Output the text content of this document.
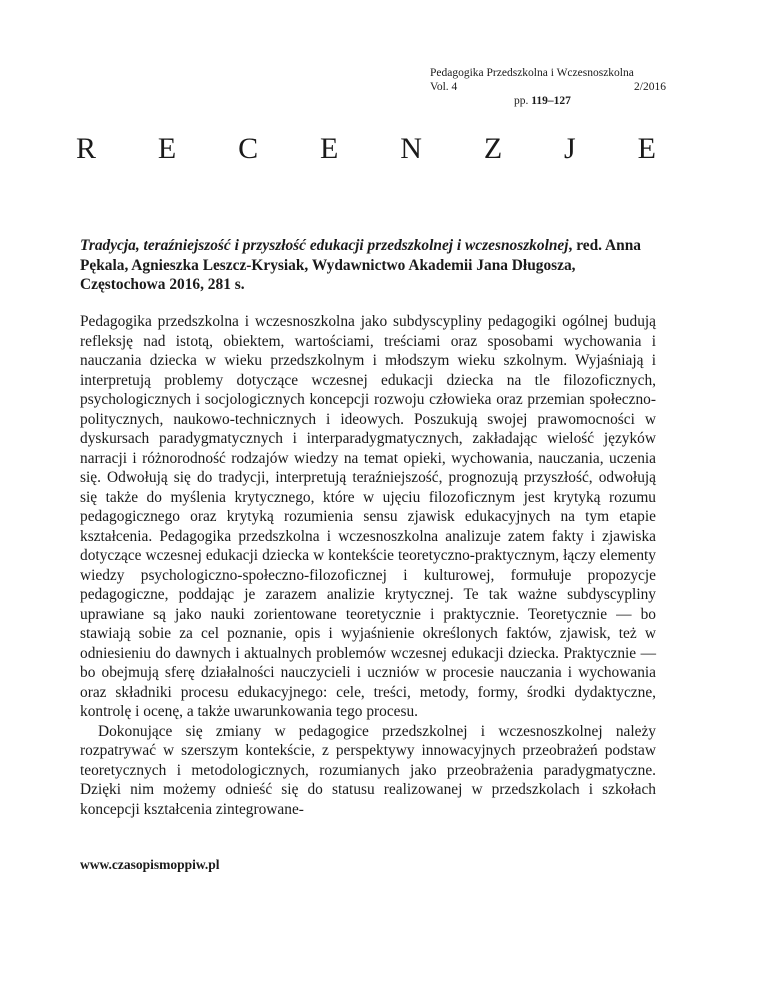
Pedagogika Przedszkolna i Wczesnoszkolna
Vol. 4	2/2016
pp. 119–127
R E C E N Z J E
Tradycja, teraźniejszość i przyszłość edukacji przedszkolnej i wczesnoszkolnej, red. Anna Pękala, Agnieszka Leszcz-Krysiak, Wydawnictwo Akademii Jana Długosza, Częstochowa 2016, 281 s.

Pedagogika przedszkolna i wczesnoszkolna jako subdyscypliny pedagogiki ogólnej budują refleksję nad istotą, obiektem, wartościami, treściami oraz sposobami wychowania i nauczania dziecka w wieku przedszkolnym i młodszym wieku szkolnym. Wyjaśniają i interpretują problemy dotyczące wczesnej edukacji dziecka na tle filozoficznych, psychologicznych i socjologicznych koncepcji rozwoju człowieka oraz przemian społeczno-politycznych, naukowo-technicznych i ideowych. Poszukują swojej prawomocności w dyskursach paradygmatycznych i interparadygmatycznych, zakładając wielość języków narracji i różnorodność rodzajów wiedzy na temat opieki, wychowania, nauczania, uczenia się. Odwołują się do tradycji, interpretują teraźniejszość, prognozują przyszłość, odwołują się także do myślenia krytycznego, które w ujęciu filozoficznym jest krytyką rozumu pedagogicznego oraz krytyką rozumienia sensu zjawisk edukacyjnych na tym etapie kształcenia. Pedagogika przedszkolna i wczesnoszkolna analizuje zatem fakty i zjawiska dotyczące wczesnej edukacji dziecka w kontekście teoretyczno-praktycznym, łączy elementy wiedzy psychologiczno-społeczno-filozoficznej i kulturowej, formułuje propozycje pedagogiczne, poddając je zarazem analizie krytycznej. Te tak ważne subdyscypliny uprawiane są jako nauki zorientowane teoretycznie i praktycznie. Teoretycznie — bo stawiają sobie za cel poznanie, opis i wyjaśnienie określonych faktów, zjawisk, też w odniesieniu do dawnych i aktualnych problemów wczesnej edukacji dziecka. Praktycznie — bo obejmują sferę działalności nauczycieli i uczniów w procesie nauczania i wychowania oraz składniki procesu edukacyjnego: cele, treści, metody, formy, środki dydaktyczne, kontrolę i ocenę, a także uwarunkowania tego procesu.

Dokonujące się zmiany w pedagogice przedszkolnej i wczesnoszkolnej należy rozpatrywać w szerszym kontekście, z perspektywy innowacyjnych przeobrażeń podstaw teoretycznych i metodologicznych, rozumianych jako przeobrażenia paradygmatyczne. Dzięki nim możemy odnieść się do statusu realizowanej w przedszkolach i szkołach koncepcji kształcenia zintegrowane-

www.czasopismoppiw.pl
